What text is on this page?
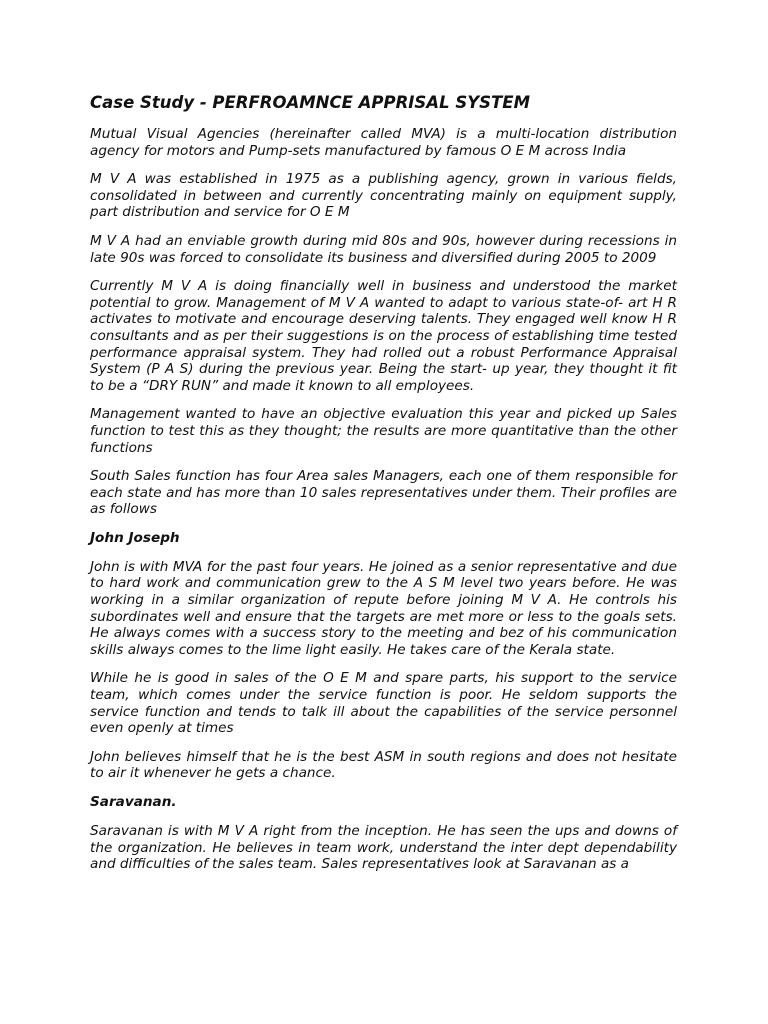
Case Study - PERFROAMNCE APPRISAL SYSTEM

Mutual Visual Agencies (hereinafter called MVA) is a multi-location distribution agency for motors and Pump-sets manufactured by famous O E M across India

M V A was established in 1975 as a publishing agency, grown in various fields, consolidated in between and currently concentrating mainly on equipment supply, part distribution and service for O E M

M V A had an enviable growth during mid 80s and 90s, however during recessions in late 90s was forced to consolidate its business and diversified during 2005 to 2009

Currently M V A is doing financially well in business and understood the market potential to grow. Management of M V A wanted to adapt to various state-of- art H R activates to motivate and encourage deserving talents. They engaged well know H R consultants and as per their suggestions is on the process of establishing time tested performance appraisal system. They had rolled out a robust Performance Appraisal System (P A S) during the previous year. Being the start- up year, they thought it fit to be a “DRY RUN” and made it known to all employees.

Management wanted to have an objective evaluation this year and picked up Sales function to test this as they thought; the results are more quantitative than the other functions

South Sales function has four Area sales Managers, each one of them responsible for each state and has more than 10 sales representatives under them. Their profiles are as follows

John Joseph

John is with MVA for the past four years. He joined as a senior representative and due to hard work and communication grew to the A S M level two years before. He was working in a similar organization of repute before joining M V A. He controls his subordinates well and ensure that the targets are met more or less to the goals sets. He always comes with a success story to the meeting and bez of his communication skills always comes to the lime light easily. He takes care of the Kerala state.

While he is good in sales of the O E M and spare parts, his support to the service team, which comes under the service function is poor. He seldom supports the service function and tends to talk ill about the capabilities of the service personnel even openly at times

John believes himself that he is the best ASM in south regions and does not hesitate to air it whenever he gets a chance.

Saravanan.

Saravanan is with M V A right from the inception. He has seen the ups and downs of the organization. He believes in team work, understand the inter dept dependability and difficulties of the sales team. Sales representatives look at Saravanan as a
